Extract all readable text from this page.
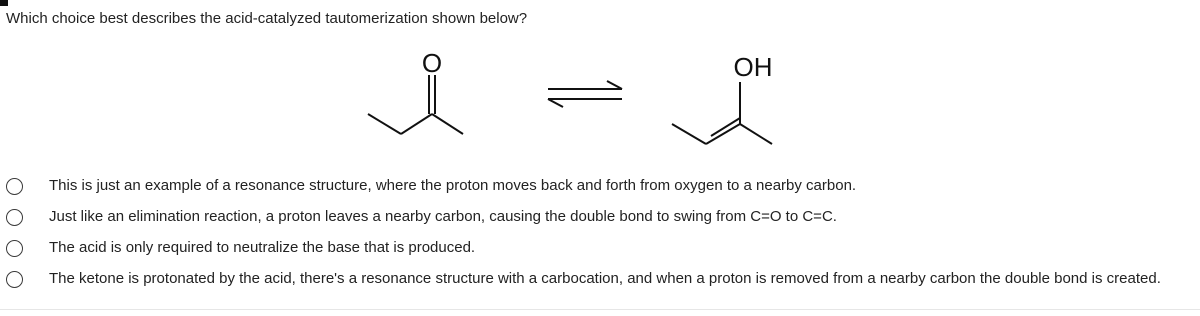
Which choice best describes the acid-catalyzed tautomerization shown below?
O	OH
This is just an example of a resonance structure, where the proton moves back and forth from oxygen to a nearby carbon.
Just like an elimination reaction, a proton leaves a nearby carbon, causing the double bond to swing from C=O to C=C.
The acid is only required to neutralize the base that is produced.
The ketone is protonated by the acid, there's a resonance structure with a carbocation, and when a proton is removed from a nearby carbon the double bond is created.
